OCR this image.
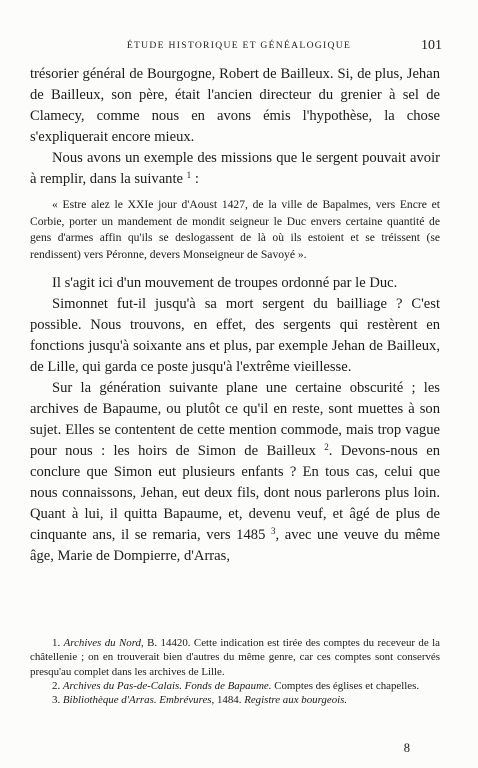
ÉTUDE HISTORIQUE ET GÉNÉALOGIQUE	101

trésorier général de Bourgogne, Robert de Bailleux. Si, de plus, Jehan de Bailleux, son père, était l'ancien directeur du grenier à sel de Clamecy, comme nous en avons émis l'hypothèse, la chose s'expliquerait encore mieux.

Nous avons un exemple des missions que le sergent pouvait avoir à remplir, dans la suivante $^1$ :

« Estre alez le XXIe jour d'Aoust 1427, de la ville de Bapalmes, vers Encre et Corbie, porter un mandement de mondit seigneur le Duc envers certaine quantité de gens d'armes affin qu'ils se deslogassent de là où ils estoient et se tréissent (se rendissent) vers Péronne, devers Monseigneur de Savoyé ».

Il s'agit ici d'un mouvement de troupes ordonné par le Duc.

Simonnet fut-il jusqu'à sa mort sergent du bailliage ? C'est possible. Nous trouvons, en effet, des sergents qui restèrent en fonctions jusqu'à soixante ans et plus, par exemple Jehan de Bailleux, de Lille, qui garda ce poste jusqu'à l'extrême vieillesse.

Sur la génération suivante plane une certaine obscurité ; les archives de Bapaume, ou plutôt ce qu'il en reste, sont muettes à son sujet. Elles se contentent de cette mention commode, mais trop vague pour nous : les hoirs de Simon de Bailleux $^2$. Devons-nous en conclure que Simon eut plusieurs enfants ? En tous cas, celui que nous connaissons, Jehan, eut deux fils, dont nous parlerons plus loin. Quant à lui, il quitta Bapaume, et, devenu veuf, et âgé de plus de cinquante ans, il se remaria, vers 1485 $^3$, avec une veuve du même âge, Marie de Dompierre, d'Arras,

1. Archives du Nord, B. 14420. Cette indication est tirée des comptes du receveur de la châtellenie ; on en trouverait bien d'autres du même genre, car ces comptes sont conservés presqu'au complet dans les archives de Lille.

2. Archives du Pas-de-Calais. Fonds de Bapaume. Comptes des églises et chapelles.

3. Bibliothèque d'Arras. Embrévures, 1484. Registre aux bourgeois.

8
